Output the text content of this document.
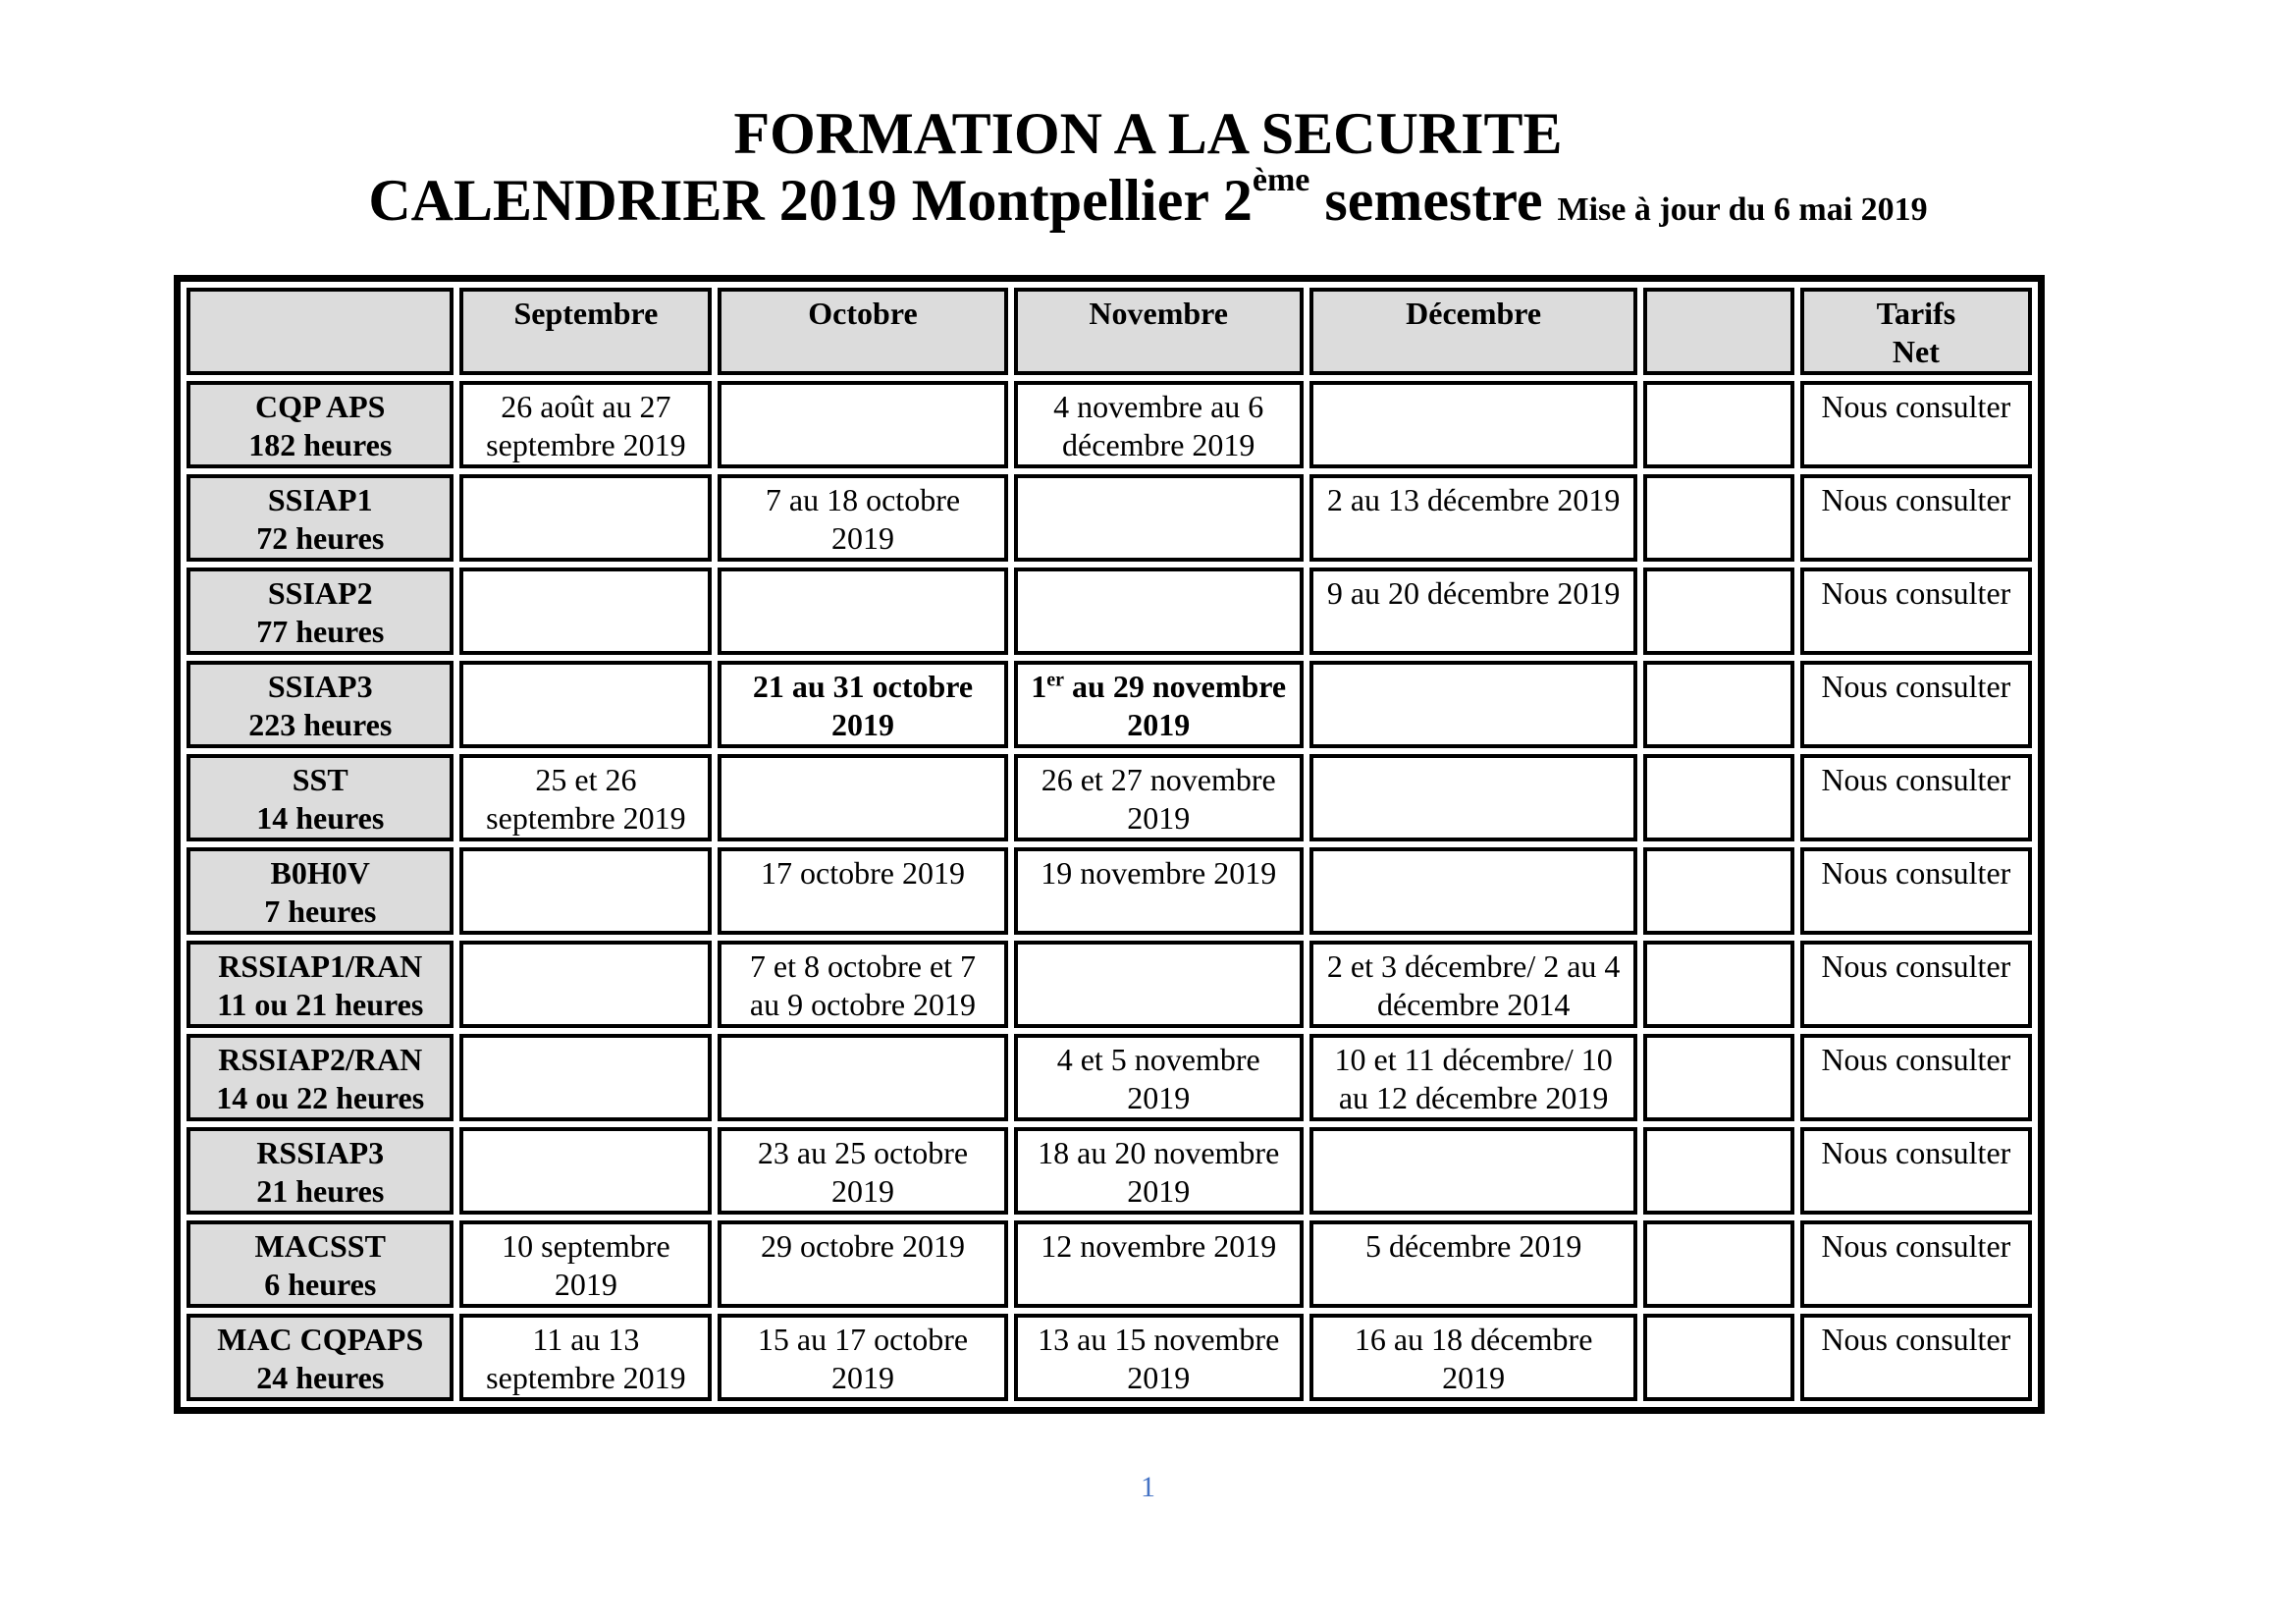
FORMATION A LA SECURITE
CALENDRIER 2019 Montpellier 2ème semestre Mise à jour du 6 mai 2019
	Septembre	Octobre	Novembre	Décembre		Tarifs
Net
CQP APS
182 heures	26 août au 27 septembre 2019		4 novembre au 6 décembre 2019			Nous consulter
SSIAP1
72 heures		7 au 18 octobre 2019		2 au 13 décembre 2019		Nous consulter
SSIAP2
77 heures				9 au 20 décembre 2019		Nous consulter
SSIAP3
223 heures		21 au 31 octobre 2019	1er au 29 novembre 2019			Nous consulter
SST
14 heures	25 et 26 septembre 2019		26 et 27 novembre 2019			Nous consulter
B0H0V
7 heures		17 octobre 2019	19 novembre 2019			Nous consulter
RSSIAP1/RAN
11 ou 21 heures		7 et 8 octobre et 7 au 9 octobre 2019		2 et 3 décembre/ 2 au 4 décembre 2014		Nous consulter
RSSIAP2/RAN
14 ou 22 heures			4 et 5 novembre 2019	10 et 11 décembre/ 10 au 12 décembre 2019		Nous consulter
RSSIAP3
21 heures		23 au 25 octobre 2019	18 au 20 novembre 2019			Nous consulter
MACSST
6 heures	10 septembre 2019	29 octobre 2019	12 novembre 2019	5 décembre 2019		Nous consulter
MAC CQPAPS
24 heures	11 au 13 septembre 2019	15 au 17 octobre 2019	13 au 15 novembre 2019	16 au 18 décembre 2019		Nous consulter
1
